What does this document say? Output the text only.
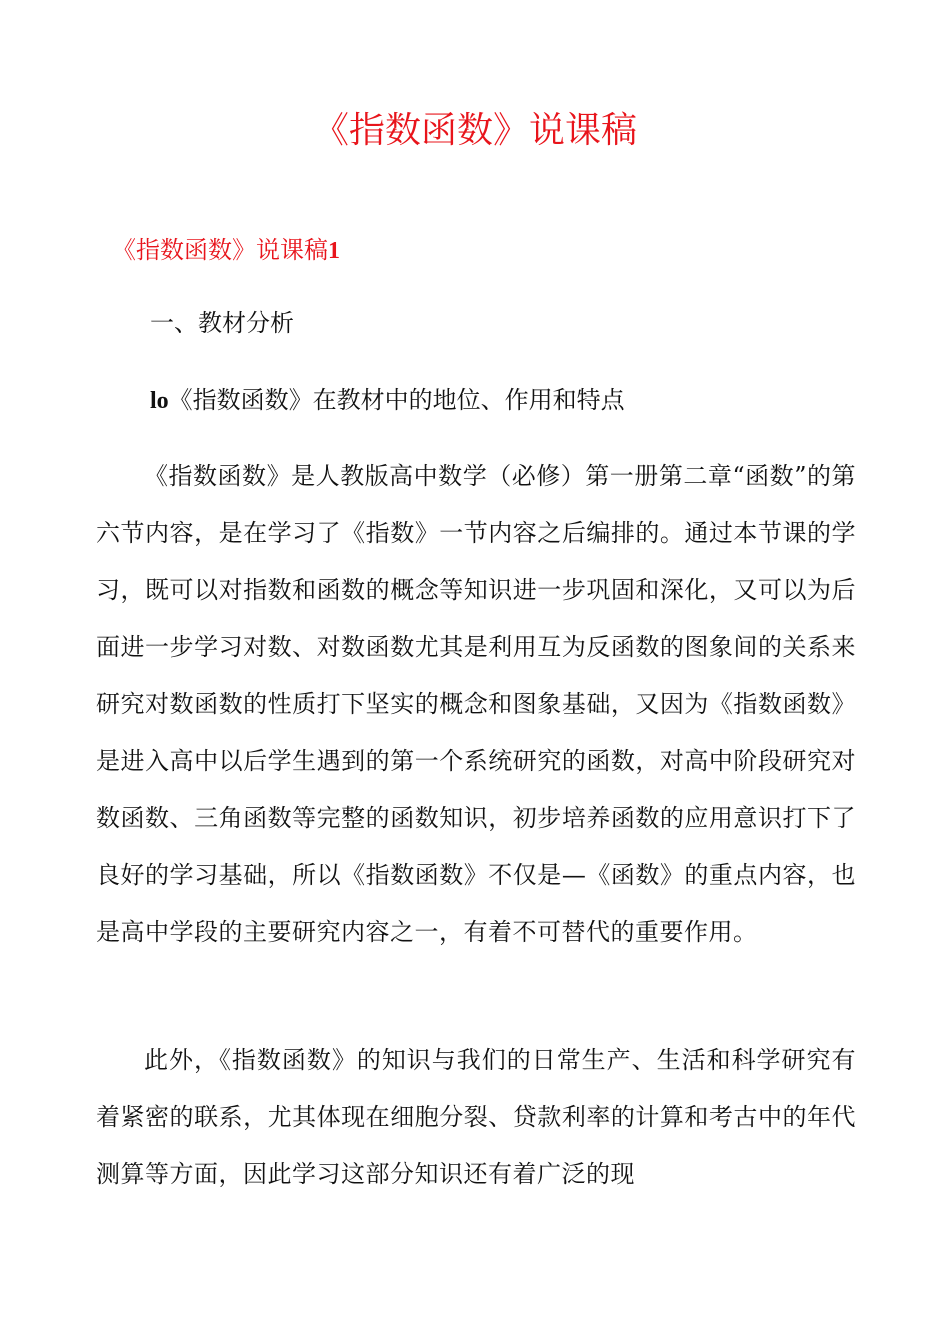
《指数函数》说课稿
《指数函数》说课稿1
一、教材分析
lo《指数函数》在教材中的地位、作用和特点

《指数函数》是人教版高中数学（必修）第一册第二章“函数”的第六节内容，是在学习了《指数》一节内容之后编排的。通过本节课的学习，既可以对指数和函数的概念等知识进一步巩固和深化，又可以为后面进一步学习对数、对数函数尤其是利用互为反函数的图象间的关系来研究对数函数的性质打下坚实的概念和图象基础，又因为《指数函数》是进入高中以后学生遇到的第一个系统研究的函数，对高中阶段研究对数函数、三角函数等完整的函数知识，初步培养函数的应用意识打下了良好的学习基础，所以《指数函数》不仅是—《函数》的重点内容，也是高中学段的主要研究内容之一，有着不可替代的重要作用。

此外，《指数函数》的知识与我们的日常生产、生活和科学研究有着紧密的联系，尤其体现在细胞分裂、贷款利率的计算和考古中的年代测算等方面，因此学习这部分知识还有着广泛的现
